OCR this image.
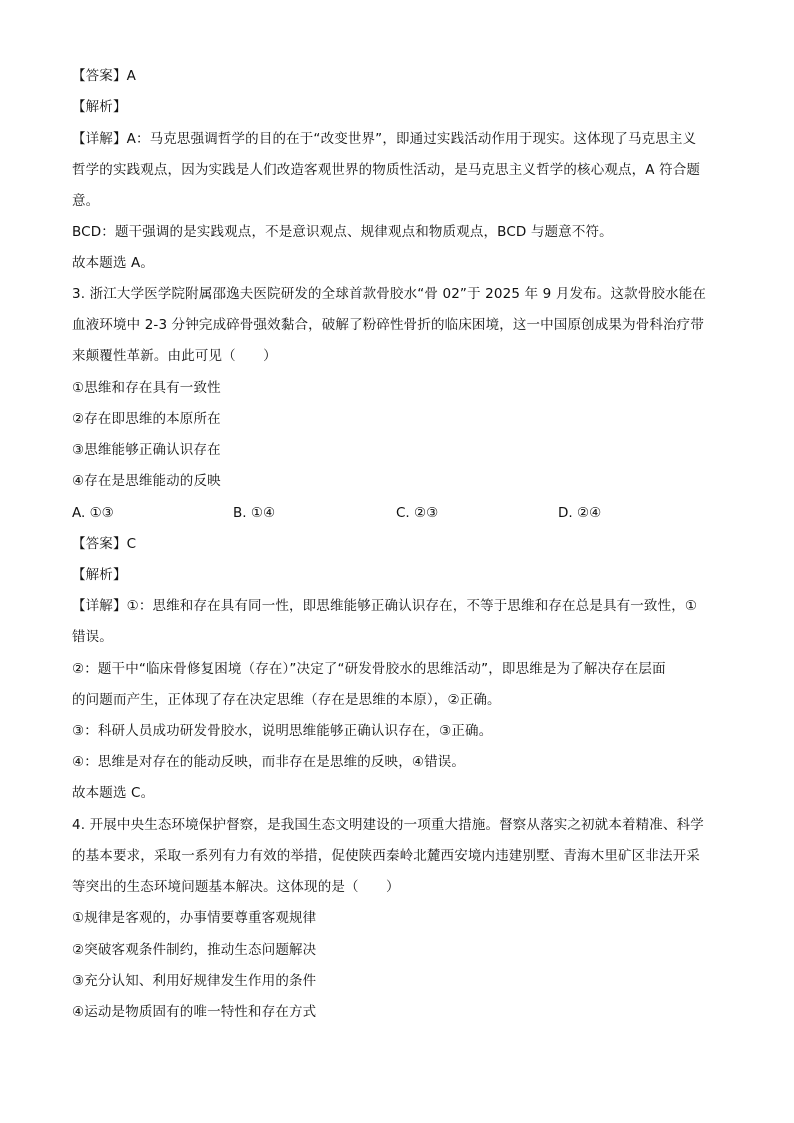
【答案】A
【解析】
【详解】A：马克思强调哲学的目的在于“改变世界”，即通过实践活动作用于现实。这体现了马克思主义
哲学的实践观点，因为实践是人们改造客观世界的物质性活动，是马克思主义哲学的核心观点，A 符合题
意。
BCD：题干强调的是实践观点，不是意识观点、规律观点和物质观点，BCD 与题意不符。
故本题选 A。
3. 浙江大学医学院附属邵逸夫医院研发的全球首款骨胶水“骨 02”于 2025 年 9 月发布。这款骨胶水能在
血液环境中 2-3 分钟完成碎骨强效黏合，破解了粉碎性骨折的临床困境，这一中国原创成果为骨科治疗带
来颠覆性革新。由此可见（　　）
①思维和存在具有一致性
②存在即思维的本原所在
③思维能够正确认识存在
④存在是思维能动的反映
A. ①③	B. ①④	C. ②③	D. ②④
【答案】C
【解析】
【详解】①：思维和存在具有同一性，即思维能够正确认识存在，不等于思维和存在总是具有一致性，①
错误。
②：题干中“临床骨修复困境（存在）”决定了“研发骨胶水的思维活动”，即思维是为了解决存在层面
的问题而产生，正体现了存在决定思维（存在是思维的本原），②正确。
③：科研人员成功研发骨胶水，说明思维能够正确认识存在，③正确。
④：思维是对存在的能动反映，而非存在是思维的反映，④错误。
故本题选 C。
4. 开展中央生态环境保护督察，是我国生态文明建设的一项重大措施。督察从落实之初就本着精准、科学
的基本要求，采取一系列有力有效的举措，促使陕西秦岭北麓西安境内违建别墅、青海木里矿区非法开采
等突出的生态环境问题基本解决。这体现的是（　　）
①规律是客观的，办事情要尊重客观规律
②突破客观条件制约，推动生态问题解决
③充分认知、利用好规律发生作用的条件
④运动是物质固有的唯一特性和存在方式
